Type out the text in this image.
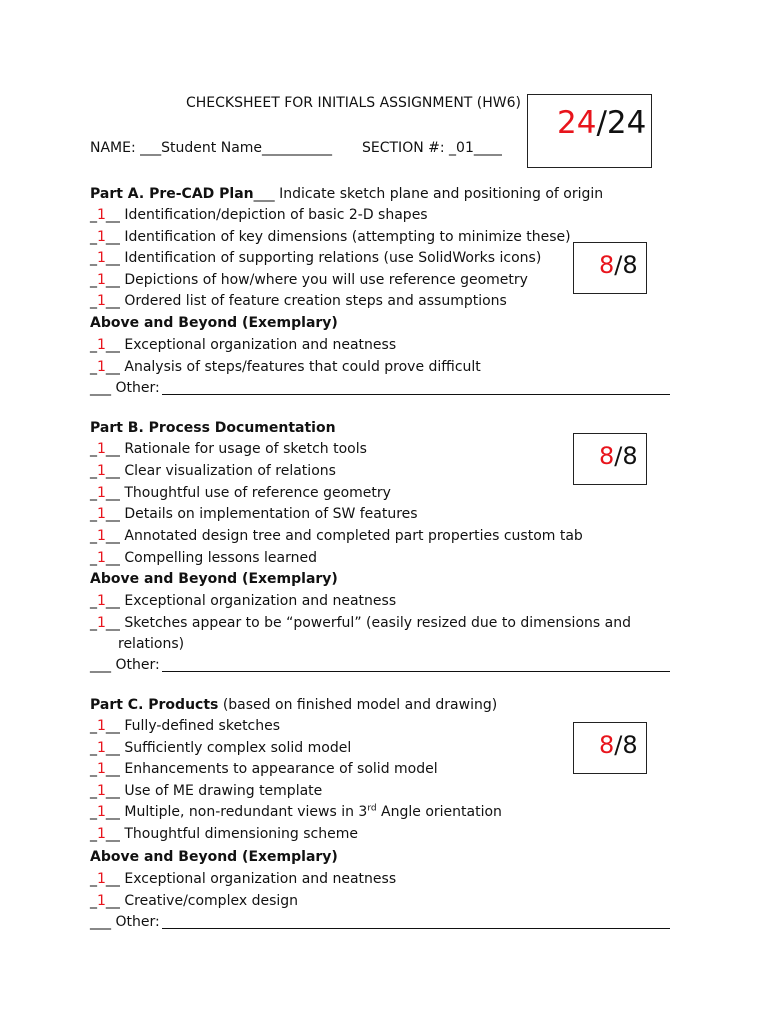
CHECKSHEET FOR INITIALS ASSIGNMENT (HW6)
NAME: ___Student Name__________ SECTION #: _01____
24/24
Part A. Pre-CAD Plan___ Indicate sketch plane and positioning of origin
_1__ Identification/depiction of basic 2-D shapes
_1__ Identification of key dimensions (attempting to minimize these)
_1__ Identification of supporting relations (use SolidWorks icons)
_1__ Depictions of how/where you will use reference geometry
_1__ Ordered list of feature creation steps and assumptions
Above and Beyond (Exemplary)
_1__ Exceptional organization and neatness
_1__ Analysis of steps/features that could prove difficult
___ Other:
8/8
Part B. Process Documentation
_1__ Rationale for usage of sketch tools
_1__ Clear visualization of relations
_1__ Thoughtful use of reference geometry
_1__ Details on implementation of SW features
_1__ Annotated design tree and completed part properties custom tab
_1__ Compelling lessons learned
Above and Beyond (Exemplary)
_1__ Exceptional organization and neatness
_1__ Sketches appear to be “powerful” (easily resized due to dimensions and
relations)
___ Other:
8/8
Part C. Products (based on finished model and drawing)
_1__ Fully-defined sketches
_1__ Sufficiently complex solid model
_1__ Enhancements to appearance of solid model
_1__ Use of ME drawing template
_1__ Multiple, non-redundant views in 3rd Angle orientation
_1__ Thoughtful dimensioning scheme
Above and Beyond (Exemplary)
_1__ Exceptional organization and neatness
_1__ Creative/complex design
___ Other:
8/8
